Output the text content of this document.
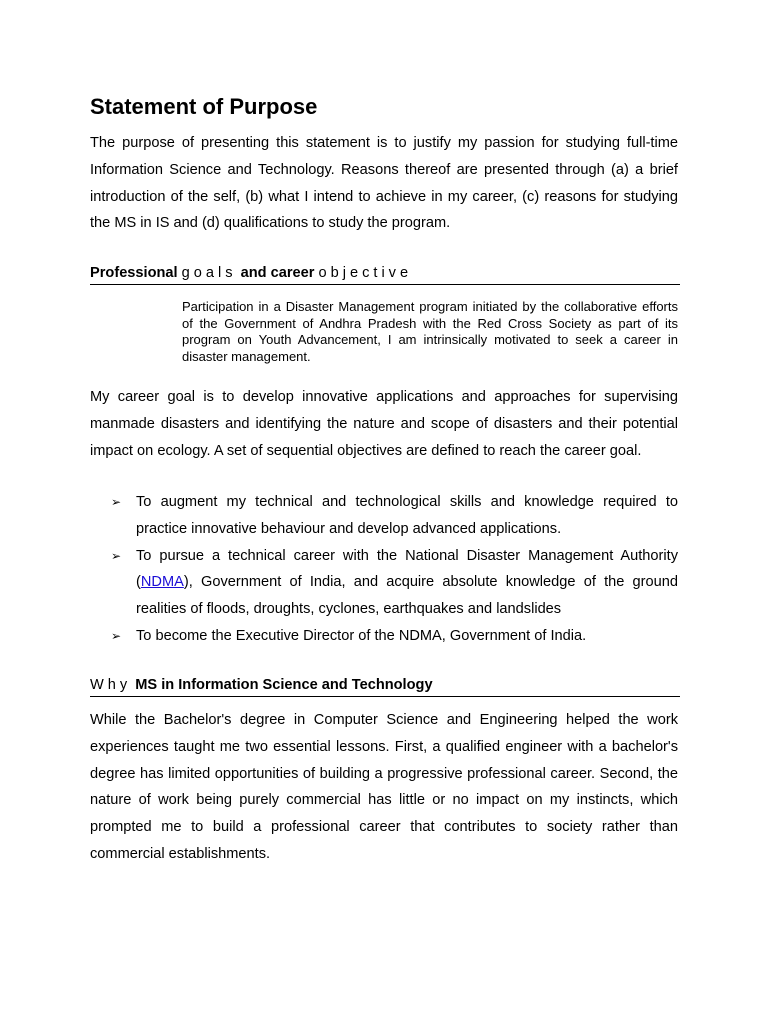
Statement of Purpose

The purpose of presenting this statement is to justify my passion for studying full-time Information Science and Technology. Reasons thereof are presented through (a) a brief introduction of the self, (b) what I intend to achieve in my career, (c) reasons for studying the MS in IS and (d) qualifications to study the program.

Professional goals and career objective

Participation in a Disaster Management program initiated by the collaborative efforts of the Government of Andhra Pradesh with the Red Cross Society as part of its program on Youth Advancement, I am intrinsically motivated to seek a career in disaster management.

My career goal is to develop innovative applications and approaches for supervising manmade disasters and identifying the nature and scope of disasters and their potential impact on ecology. A set of sequential objectives are defined to reach the career goal.

➢ To augment my technical and technological skills and knowledge required to practice innovative behaviour and develop advanced applications.
➢ To pursue a technical career with the National Disaster Management Authority (NDMA), Government of India, and acquire absolute knowledge of the ground realities of floods, droughts, cyclones, earthquakes and landslides
➢ To become the Executive Director of the NDMA, Government of India.
Why MS in Information Science and Technology

While the Bachelor's degree in Computer Science and Engineering helped the work experiences taught me two essential lessons. First, a qualified engineer with a bachelor's degree has limited opportunities of building a progressive professional career. Second, the nature of work being purely commercial has little or no impact on my instincts, which prompted me to build a professional career that contributes to society rather than commercial establishments.
